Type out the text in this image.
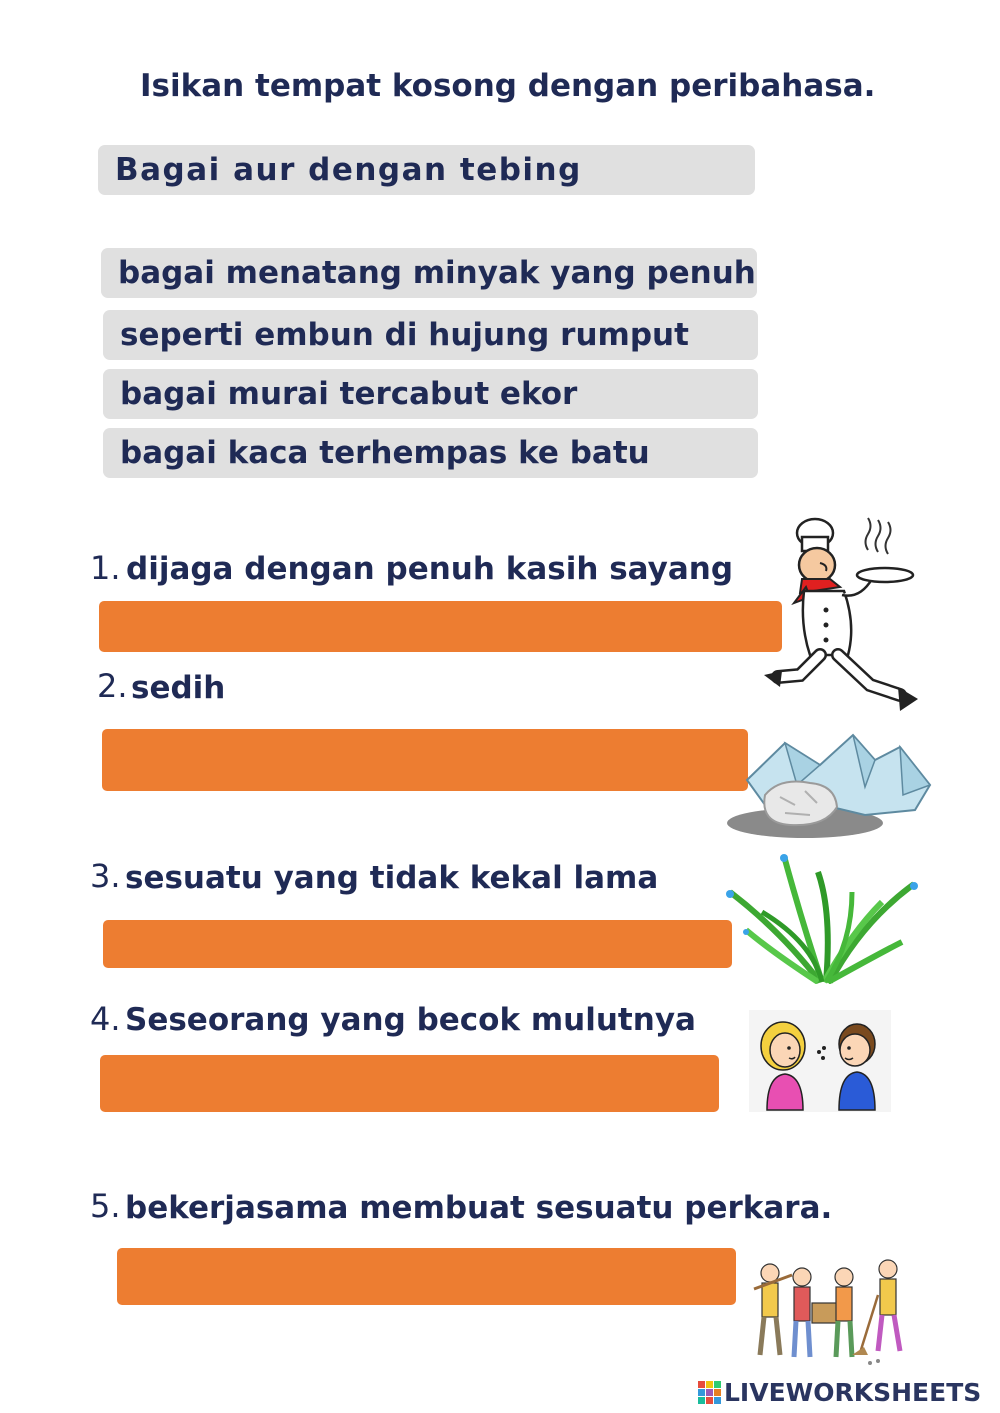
Isikan tempat kosong dengan peribahasa.
Bagai aur dengan tebing
bagai menatang minyak yang penuh
seperti embun di hujung rumput
bagai murai tercabut ekor
bagai kaca terhempas ke batu
1. dijaga dengan penuh kasih sayang
2. sedih
3. sesuatu yang tidak kekal lama
4. Seseorang yang becok mulutnya
5. bekerjasama membuat sesuatu perkara.
LIVEWORKSHEETS
